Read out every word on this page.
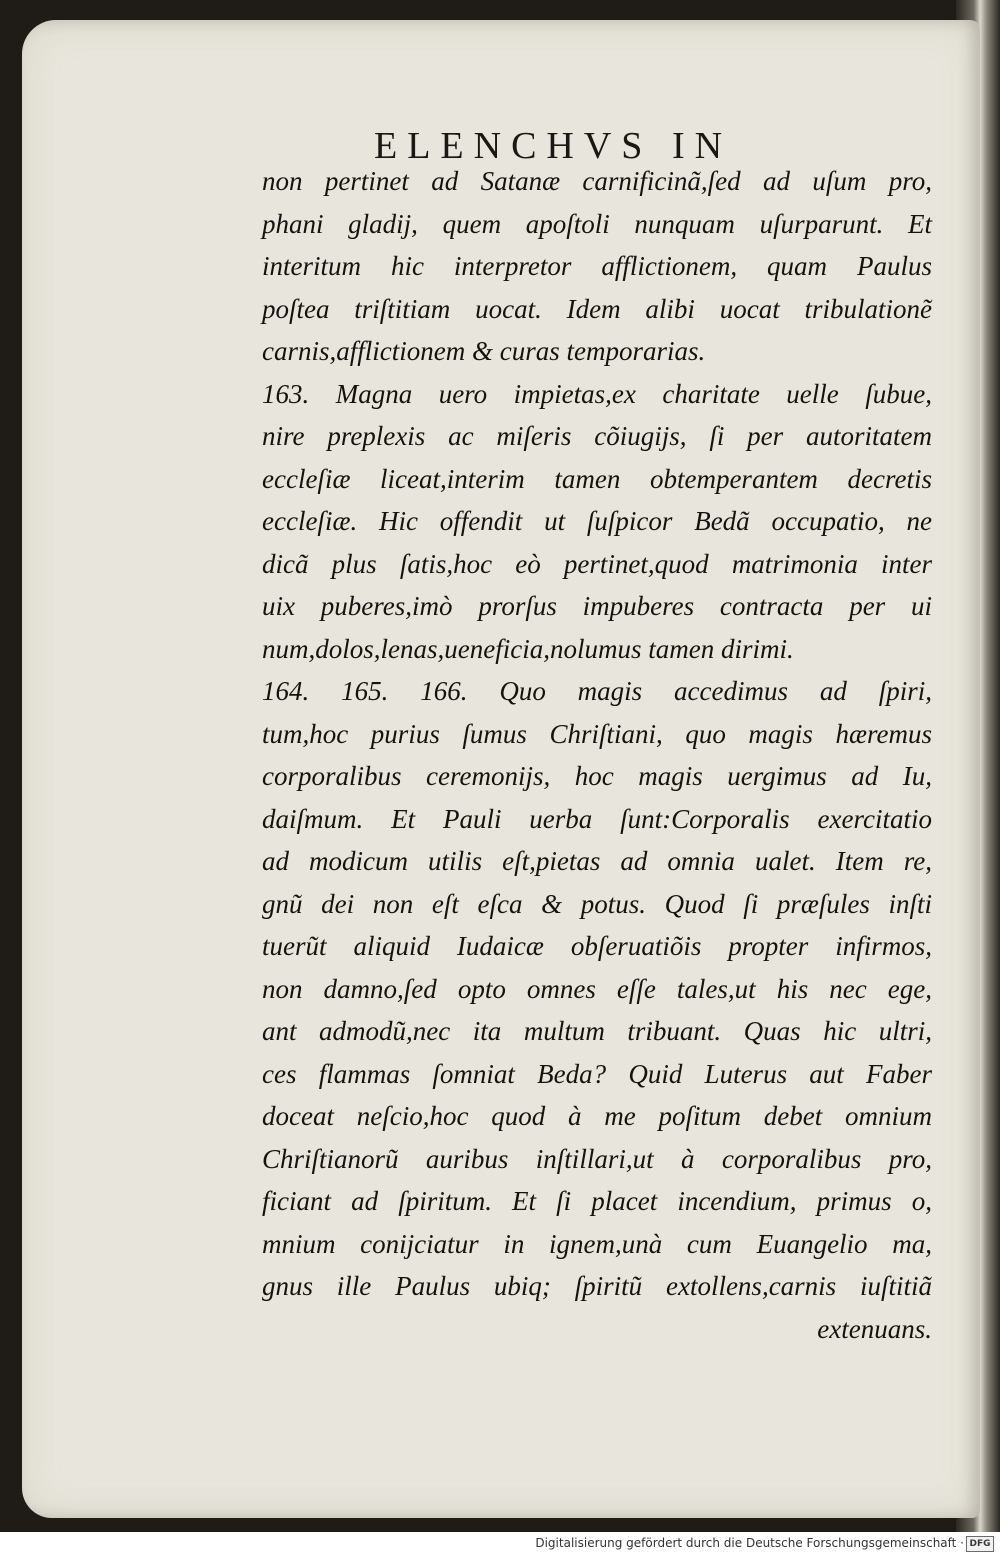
ELENCHVS IN
non pertinet ad Satanæ carnificinã,ſed ad uſum pro,
phani gladij, quem apoſtoli nunquam uſurparunt. Et
interitum hic interpretor afflictionem, quam Paulus
poſtea triſtitiam uocat. Idem alibi uocat tribulationẽ
carnis,afflictionem & curas temporarias.
163. Magna uero impietas,ex charitate uelle ſubue,
nire preplexis ac miſeris cõiugijs, ſi per autoritatem
eccleſiæ liceat,interim tamen obtemperantem decretis
eccleſiæ. Hic offendit ut ſuſpicor Bedã occupatio, ne
dicã plus ſatis,hoc eò pertinet,quod matrimonia inter
uix puberes,imò prorſus impuberes contracta per ui
num,dolos,lenas,ueneficia,nolumus tamen dirimi.
164. 165. 166. Quo magis accedimus ad ſpiri,
tum,hoc purius ſumus Chriſtiani, quo magis hæremus
corporalibus ceremonijs, hoc magis uergimus ad Iu,
daiſmum. Et Pauli uerba ſunt:Corporalis exercitatio
ad modicum utilis eſt,pietas ad omnia ualet. Item re,
gnũ dei non eſt eſca & potus. Quod ſi præſules inſti
tuerũt aliquid Iudaicæ obſeruatiõis propter infirmos,
non damno,ſed opto omnes eſſe tales,ut his nec ege,
ant admodũ,nec ita multum tribuant. Quas hic ultri,
ces flammas ſomniat Beda? Quid Luterus aut Faber
doceat neſcio,hoc quod à me poſitum debet omnium
Chriſtianorũ auribus inſtillari,ut à corporalibus pro,
ficiant ad ſpiritum. Et ſi placet incendium, primus o,
mnium conijciatur in ignem,unà cum Euangelio ma,
gnus ille Paulus ubiq; ſpiritũ extollens,carnis iuſtitiã
extenuans.
Digitalisierung gefördert durch die Deutsche Forschungsgemeinschaft · DFG
